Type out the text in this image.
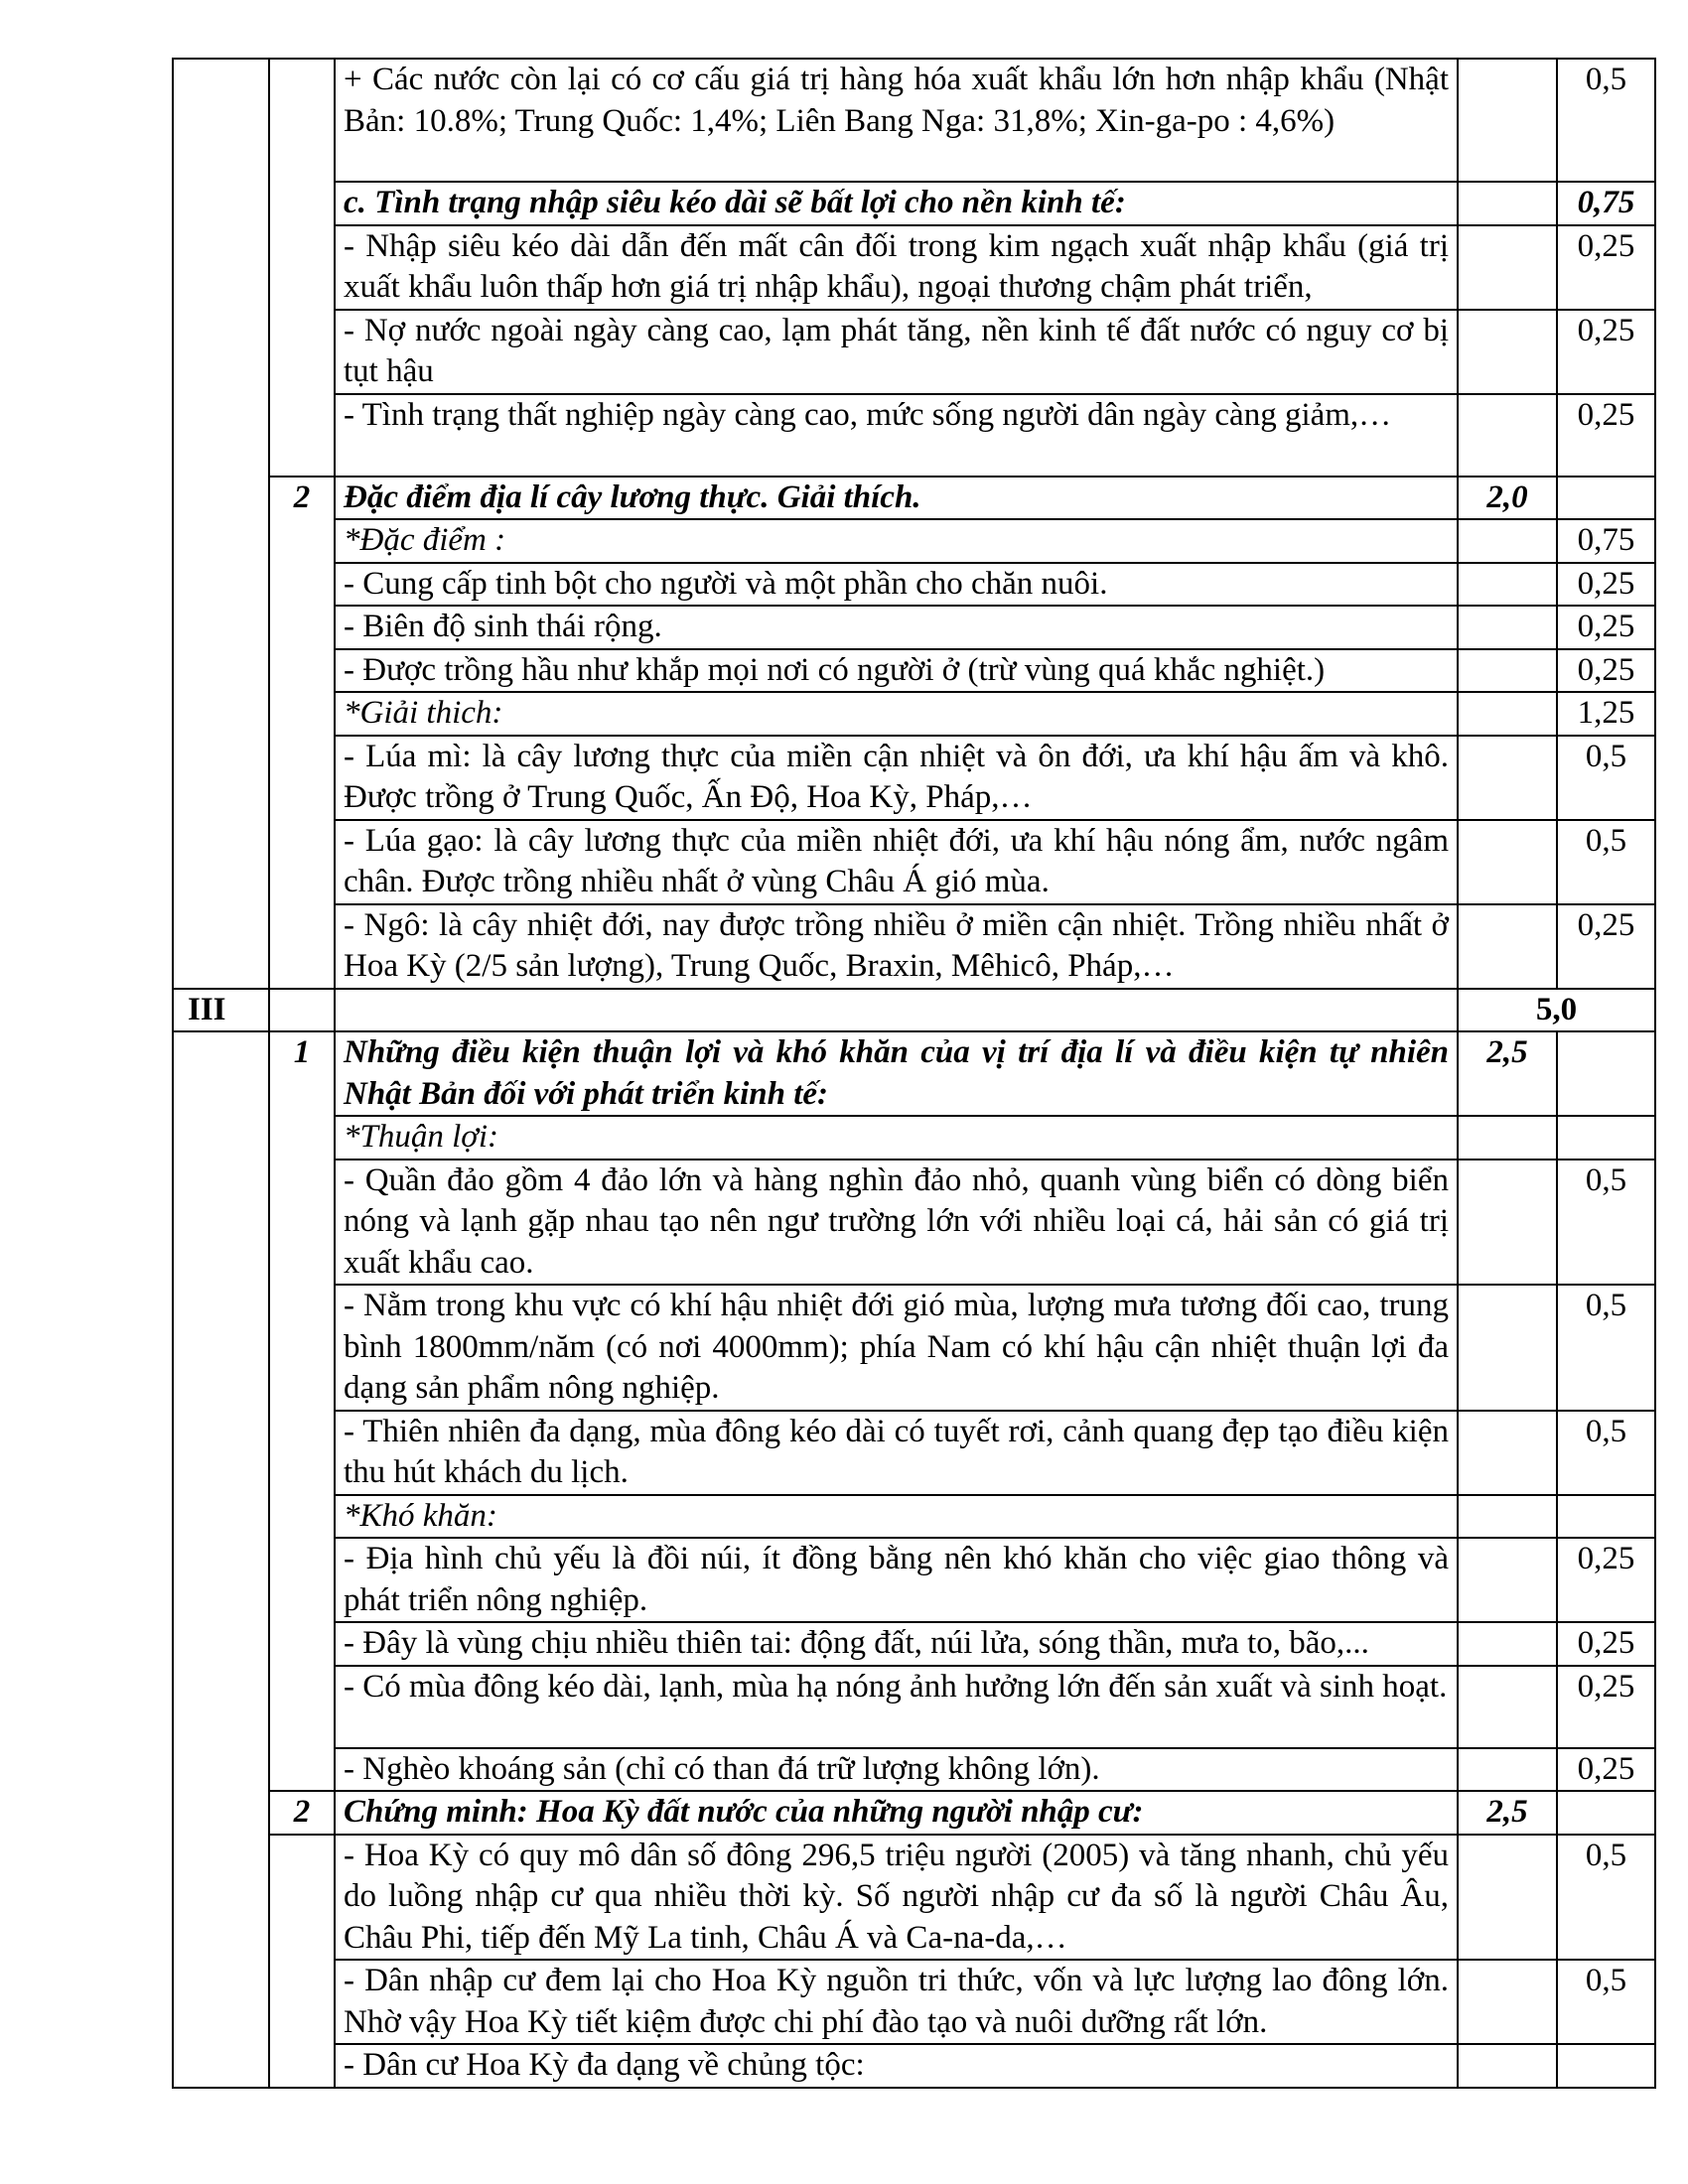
		+ Các nước còn lại có cơ cấu giá trị hàng hóa xuất khẩu lớn hơn nhập khẩu (Nhật Bản: 10.8%; Trung Quốc: 1,4%; Liên Bang Nga: 31,8%; Xin-ga-po : 4,6%)		0,5
		c. Tình trạng nhập siêu kéo dài sẽ bất lợi cho nền kinh tế:		0,75
		- Nhập siêu kéo dài dẫn đến mất cân đối trong kim ngạch xuất nhập khẩu (giá trị xuất khẩu luôn thấp hơn giá trị nhập khẩu), ngoại thương chậm phát triển,		0,25
		- Nợ nước ngoài ngày càng cao, lạm phát tăng, nền kinh tế đất nước có nguy cơ bị tụt hậu		0,25
		- Tình trạng thất nghiệp ngày càng cao, mức sống người dân ngày càng giảm,…		0,25
	2	Đặc điểm địa lí cây lương thực. Giải thích.	2,0	
		*Đặc điểm :		0,75
		- Cung cấp tinh bột cho người và một phần cho chăn nuôi.		0,25
		- Biên độ sinh thái rộng.		0,25
		- Được trồng hầu như khắp mọi nơi có người ở (trừ vùng quá khắc nghiệt.)		0,25
		*Giải thich:		1,25
		- Lúa mì: là cây lương thực của miền cận nhiệt và ôn đới, ưa khí hậu ấm và khô. Được trồng ở Trung Quốc, Ấn Độ, Hoa Kỳ, Pháp,…		0,5
		- Lúa gạo: là cây lương thực của miền nhiệt đới, ưa khí hậu nóng ẩm, nước ngâm chân. Được trồng nhiều nhất ở vùng Châu Á gió mùa.		0,5
		- Ngô: là cây nhiệt đới, nay được trồng nhiều ở miền cận nhiệt. Trồng nhiều nhất ở Hoa Kỳ (2/5 sản lượng), Trung Quốc, Braxin, Mêhicô, Pháp,…		0,25
III			5,0	
	1	Những điều kiện thuận lợi và khó khăn của vị trí địa lí và điều kiện tự nhiên Nhật Bản đối với phát triển kinh tế:	2,5	
		*Thuận lợi:		
		- Quần đảo gồm 4 đảo lớn và hàng nghìn đảo nhỏ, quanh vùng biển có dòng biển nóng và lạnh gặp nhau tạo nên ngư trường lớn với nhiều loại cá, hải sản có giá trị xuất khẩu cao.		0,5
		- Nằm trong khu vực có khí hậu nhiệt đới gió mùa, lượng mưa tương đối cao, trung bình 1800mm/năm (có nơi 4000mm); phía Nam có khí hậu cận nhiệt thuận lợi đa dạng sản phẩm nông nghiệp.		0,5
		- Thiên nhiên đa dạng, mùa đông kéo dài có tuyết rơi, cảnh quang đẹp tạo điều kiện thu hút khách du lịch.		0,5
		*Khó khăn:		
		- Địa hình chủ yếu là đồi núi, ít đồng bằng nên khó khăn cho việc giao thông và phát triển nông nghiệp.		0,25
		- Đây là vùng chịu nhiều thiên tai: động đất, núi lửa, sóng thần, mưa to, bão,...		0,25
		- Có mùa đông kéo dài, lạnh, mùa hạ nóng ảnh hưởng lớn đến sản xuất và sinh hoạt.		0,25
		- Nghèo khoáng sản (chỉ có than đá trữ lượng không lớn).		0,25
	2	Chứng minh: Hoa Kỳ đất nước của những người nhập cư:	2,5	
		- Hoa Kỳ có quy mô dân số đông 296,5 triệu người (2005) và tăng nhanh, chủ yếu do luồng nhập cư qua nhiều thời kỳ. Số người nhập cư đa số là người Châu Âu, Châu Phi, tiếp đến Mỹ La tinh, Châu Á và Ca-na-da,…		0,5
		- Dân nhập cư đem lại cho Hoa Kỳ nguồn tri thức, vốn và lực lượng lao đông lớn. Nhờ vậy Hoa Kỳ tiết kiệm được chi phí đào tạo và nuôi dưỡng rất lớn.		0,5
		- Dân cư Hoa Kỳ đa dạng về chủng tộc:		
